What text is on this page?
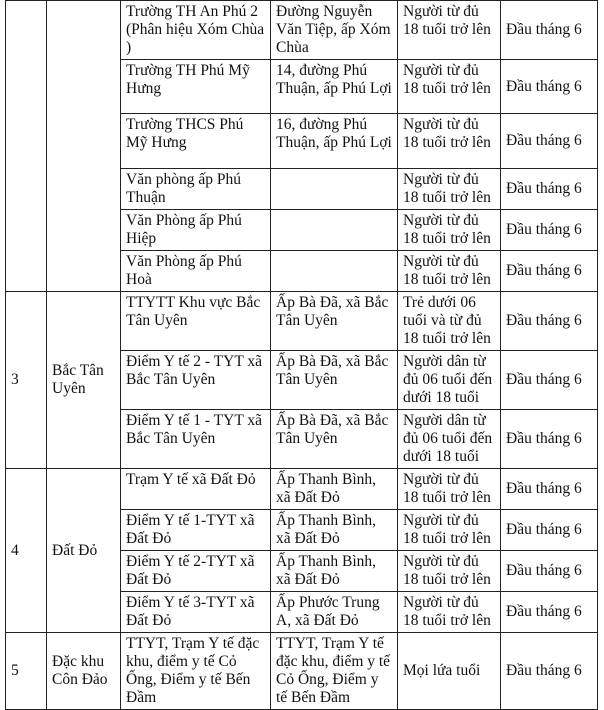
		Trường TH An Phú 2 (Phân hiệu Xóm Chùa )	Đường Nguyễn Văn Tiệp, ấp Xóm Chùa	Người từ đủ 18 tuổi trở lên	Đầu tháng 6
		Trường TH Phú Mỹ Hưng	14, đường Phú Thuận, ấp Phú Lợi	Người từ đủ 18 tuổi trở lên	Đầu tháng 6
		Trường THCS Phú Mỹ Hưng	16, đường Phú Thuận, ấp Phú Lợi	Người từ đủ 18 tuổi trở lên	Đầu tháng 6
		Văn phòng ấp Phú Thuận		Người từ đủ 18 tuổi trở lên	Đầu tháng 6
		Văn Phòng ấp Phú Hiệp		Người từ đủ 18 tuổi trở lên	Đầu tháng 6
		Văn Phòng ấp Phú Hoà		Người từ đủ 18 tuổi trở lên	Đầu tháng 6
3	Bắc Tân Uyên	TTYTT Khu vực Bắc Tân Uyên	Ấp Bà Đã, xã Bắc Tân Uyên	Trẻ dưới 06 tuổi và từ đủ 18 tuổi trở lên	Đầu tháng 6
		Điểm Y tế 2 - TYT xã Bắc Tân Uyên	Ấp Bà Đã, xã Bắc Tân Uyên	Người dân từ đủ 06 tuổi đến dưới 18 tuổi	Đầu tháng 6
		Điểm Y tế 1 - TYT xã Bắc Tân Uyên	Ấp Bà Đã, xã Bắc Tân Uyên	Người dân từ đủ 06 tuổi đến dưới 18 tuổi	Đầu tháng 6
4	Đất Đỏ	Trạm Y tế xã Đất Đỏ	Ấp Thanh Bình, xã Đất Đỏ	Người từ đủ 18 tuổi trở lên	Đầu tháng 6
		Điểm Y tế 1-TYT xã Đất Đỏ	Ấp Thanh Bình, xã Đất Đỏ	Người từ đủ 18 tuổi trở lên	Đầu tháng 6
		Điểm Y tế 2-TYT xã Đất Đỏ	Ấp Thanh Bình, xã Đất Đỏ	Người từ đủ 18 tuổi trở lên	Đầu tháng 6
		Điểm Y tế 3-TYT xã Đất Đỏ	Ấp Phước Trung A, xã Đất Đỏ	Người từ đủ 18 tuổi trở lên	Đầu tháng 6
5	Đặc khu Côn Đảo	TTYT, Trạm Y tế đặc khu, điểm y tế Cỏ Ống, Điểm y tế Bến Đầm	TTYT, Trạm Y tế đặc khu, điểm y tế Cỏ Ống, Điểm y tế Bến Đầm	Mọi lứa tuổi	Đầu tháng 6
